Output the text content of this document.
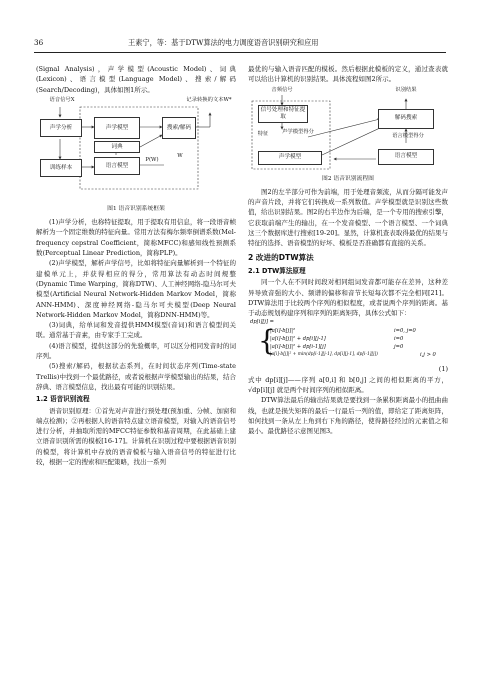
36	王素宁，等：基于DTW算法的电力调度语音识别研究和应用

(Signal Analysis)，声学模型(Acoustic Model)、词典(Lexicon)、语言模型(Language Model)、搜索/解码(Search/Decoding)，具体如图1所示。

语音信号X	记录转换的文本W*
声学分析
训练样本
声学模型
词典
语言模型
P(W)
W
搜索/解码
图1 语音识别系统框架

(1)声学分析，也称特征提取，用于提取有用信息，将一段语音帧解析为一个固定维数的特征向量。常用方法有梅尔频率倒谱系数(Mel-frequency cepstral Coefficient，简称MFCC)和感知线性预测系数(Perceptual Linear Prediction，简称PLP)。

(2)声学模型，解析声学信号，比如将特征向量解析到一个特征的建模单元上，并获得相应的得分，常用算法有动态时间规整(Dynamic Time Warping，简称DTW)、人工神经网络-隐马尔可夫模型(Artificial Neural Network-Hidden Markov Model，简称ANN-HMM)、深度神经网络-隐马尔可夫模型(Deep Neural Network-Hidden Markov Model，简称DNN-HMM)等。

(3)词典，给单词和发音提供HMM模型(音词)和语言模型间关联。通常基于音素，由专家手工完成。

(4)语言模型，提供这部分的先验概率，可以区分相同发音时的词序列。

(5)搜索/解码，根据状态系列，在时间状态序列(Time-state Trellis)中找到一个最优路径，或者说根据声学模型输出的结果，结合辞典、语言模型信息，找出最有可能的识别结果。

1.2 语音识别流程

语音识别原理：①首先对声音进行预处理(预加重、分帧、加窗和端点检测)；②再根据人的语音特点建立语音模型，对输入的语音信号进行分析，并抽取所需的MFCC特征参数和基音周期，在此基础上建立语音识别所需的模板[16-17]。计算机在识别过程中要根据语音识别的模型，将计算机中存放的语音模板与输入语音信号的特征进行比较，根据一定的搜索和匹配策略，找出一系列

最优的与输入语音匹配的模板。然后根据此模板的定义，通过查表就可以给出计算机的识别结果。具体流程如图2所示。

音频信号	识别结果
信号处理和特征提取
特征	声学模型得分
声学模型
解码搜索
语言模型得分
语言模型
图2 语音识别流程图

图2的左半部分可作为前端，用于处理音频流，从而分隔可能发声的声音片段，并将它们转换成一系列数值。声学模型就是识别这些数值，给出识别结果。图2的右半边作为后端，是一个专用的搜索引擎，它获取前端产生的输出，在一个发音模型、一个语言模型、一个词典这三个数据库进行搜索[19-20]。显然，计算机查表取得最优的结果与特征的选择、语音模型的好坏、模板是否准确都有直接的关系。

2 改进的DTW算法
2.1 DTW算法原理

同一个人在不同时间段对相同组词发音都可能存在差异，这种差异导致音强的大小、频谱的偏移和音节长短每次都不完全相同[21]。DTW算法用于比较两个序列的相似程度，或者说两个序列的距离。基于动态规划构建序列和序列的距离矩阵，具体公式如下：

dp[i][j] =
{
|a[i]-b[j]|²	i=0, j=0
|a[i]-b[j]|² + dp[i][j-1]	i=0
|a[i]-b[j]|² + dp[i-1][j]	j=0
|a[i]-b[j]|² + min(dp[i-1][j-1], dp[i][j-1], dp[i-1][j])	i,j > 0
(1)

式中 dp[i][j]——序列 a[0,i] 和 b[0,j] 之间的相似距离的平方，√dp[i][j] 就是两个时间序列的相似距离。

DTW算法最后的输出结果就是要找到一条累积距离最小的扭曲曲线，也就是损失矩阵的最后一行最后一列的值，即给定了距离矩阵，如何找到一条从左上角到右下角的路径，使得路径经过的元素值之和最小。最优路径示意图见图3。
